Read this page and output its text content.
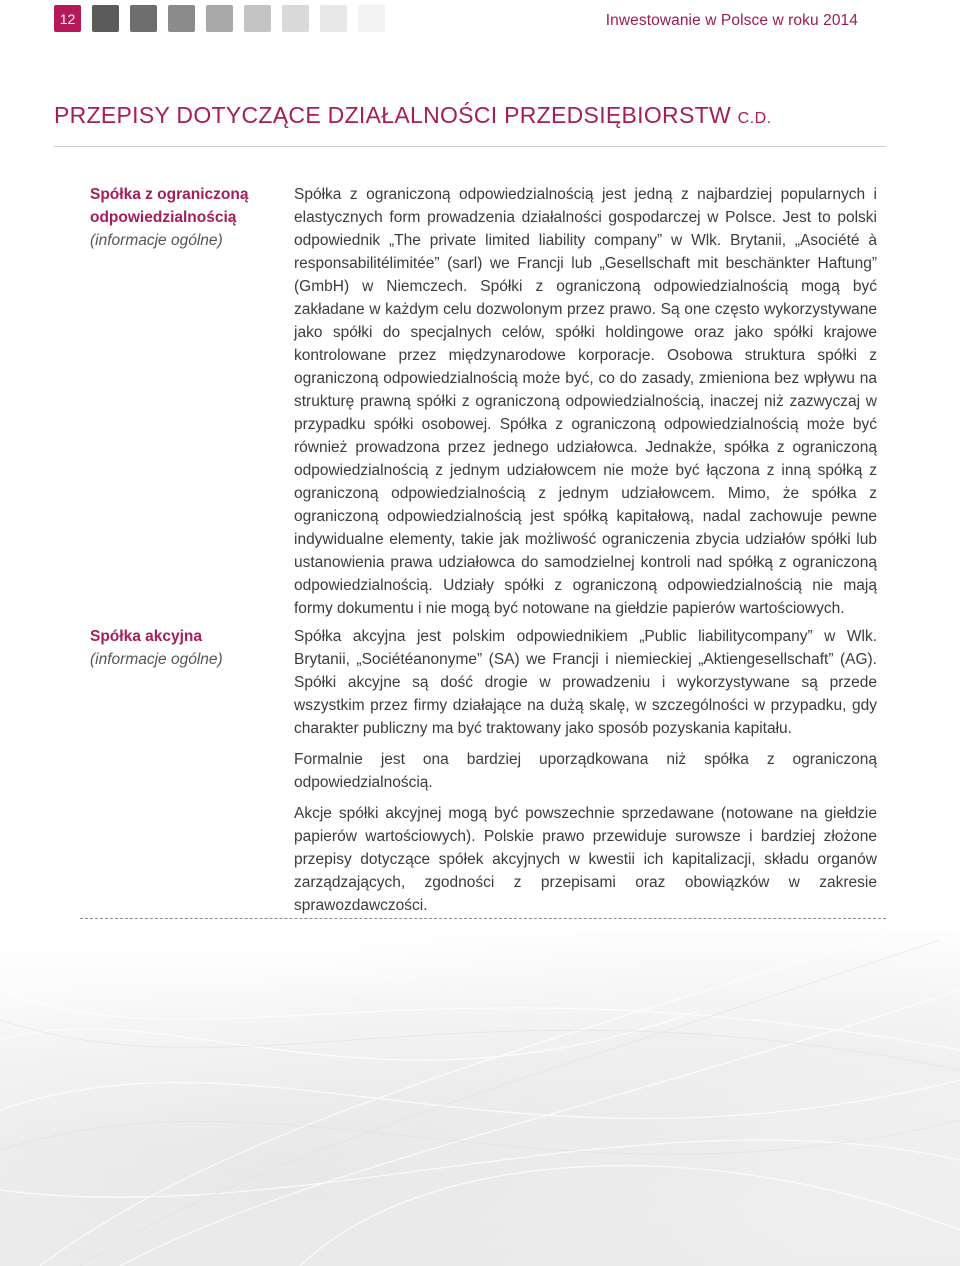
12	Inwestowanie w Polsce w roku 2014
PRZEPISY DOTYCZĄCE DZIAŁALNOŚCI PRZEDSIĘBIORSTW C.D.
Spółka z ograniczoną odpowiedzialnością
(informacje ogólne)

Spółka z ograniczoną odpowiedzialnością jest jedną z najbardziej popularnych i elastycznych form prowadzenia działalności gospodarczej w Polsce. Jest to polski odpowiednik „The private limited liability company” w Wlk. Brytanii, „Asociété à responsabilitélimitée” (sarl) we Francji lub „Gesellschaft mit beschänkter Haftung” (GmbH) w Niemczech. Spółki z ograniczoną odpowiedzialnością mogą być zakładane w każdym celu dozwolonym przez prawo. Są one często wykorzystywane jako spółki do specjalnych celów, spółki holdingowe oraz jako spółki krajowe kontrolowane przez międzynarodowe korporacje. Osobowa struktura spółki z ograniczoną odpowiedzialnością może być, co do zasady, zmieniona bez wpływu na strukturę prawną spółki z ograniczoną odpowiedzialnością, inaczej niż zazwyczaj w przypadku spółki osobowej. Spółka z ograniczoną odpowiedzialnością może być również prowadzona przez jednego udziałowca. Jednakże, spółka z ograniczoną odpowiedzialnością z jednym udziałowcem nie może być łączona z inną spółką z ograniczoną odpowiedzialnością z jednym udziałowcem. Mimo, że spółka z ograniczoną odpowiedzialnością jest spółką kapitałową, nadal zachowuje pewne indywidualne elementy, takie jak możliwość ograniczenia zbycia udziałów spółki lub ustanowienia prawa udziałowca do samodzielnej kontroli nad spółką z ograniczoną odpowiedzialnością. Udziały spółki z ograniczoną odpowiedzialnością nie mają formy dokumentu i nie mogą być notowane na giełdzie papierów wartościowych.

Spółka akcyjna
(informacje ogólne)

Spółka akcyjna jest polskim odpowiednikiem „Public liabilitycompany” w Wlk. Brytanii, „Sociétéanonyme” (SA) we Francji i niemieckiej „Aktiengesellschaft” (AG). Spółki akcyjne są dość drogie w prowadzeniu i wykorzystywane są przede wszystkim przez firmy działające na dużą skalę, w szczególności w przypadku, gdy charakter publiczny ma być traktowany jako sposób pozyskania kapitału.

Formalnie jest ona bardziej uporządkowana niż spółka z ograniczoną odpowiedzialnością.

Akcje spółki akcyjnej mogą być powszechnie sprzedawane (notowane na giełdzie papierów wartościowych). Polskie prawo przewiduje surowsze i bardziej złożone przepisy dotyczące spółek akcyjnych w kwestii ich kapitalizacji, składu organów zarządzających, zgodności z przepisami oraz obowiązków w zakresie sprawozdawczości.
